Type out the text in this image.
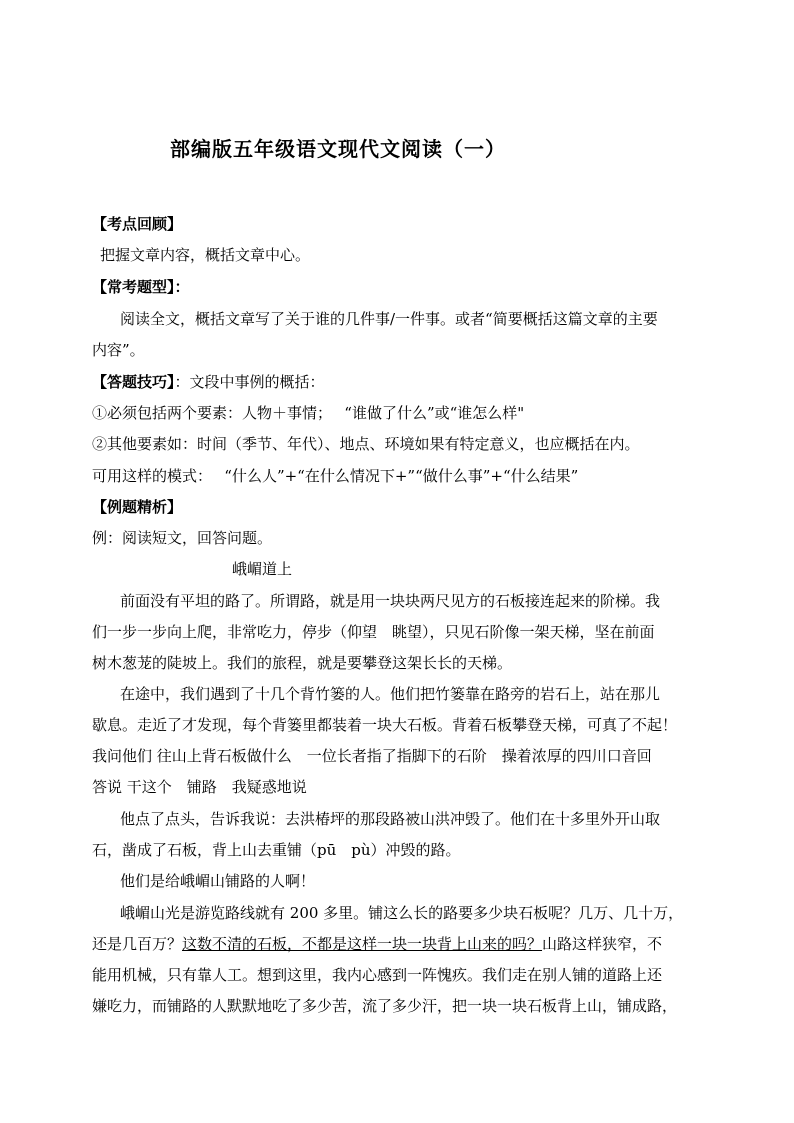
部编版五年级语文现代文阅读（一）
【考点回顾】
把握文章内容，概括文章中心。
【常考题型】：
阅读全文，概括文章写了关于谁的几件事/一件事。或者“简要概括这篇文章的主要
内容”。
【答题技巧】：文段中事例的概括：
①必须包括两个要素：人物＋事情；　 “谁做了什么”或“谁怎么样"
②其他要素如：时间（季节、年代）、地点、环境如果有特定意义，也应概括在内。
可用这样的模式：　 “什么人”+“在什么情况下+”“做什么事”+“什么结果”
【例题精析】
例：阅读短文，回答问题。
峨嵋道上
前面没有平坦的路了。所谓路，就是用一块块两尺见方的石板接连起来的阶梯。我
们一步一步向上爬，非常吃力，停步（仰望　眺望），只见石阶像一架天梯，坚在前面
树木葱茏的陡坡上。我们的旅程，就是要攀登这架长长的天梯。
在途中，我们遇到了十几个背竹篓的人。他们把竹篓靠在路旁的岩石上，站在那儿
歇息。走近了才发现，每个背篓里都装着一块大石板。背着石板攀登天梯，可真了不起！
我问他们 往山上背石板做什么　一位长者指了指脚下的石阶　操着浓厚的四川口音回
答说 干这个　铺路　我疑惑地说
他点了点头，告诉我说：去洪椿坪的那段路被山洪冲毁了。他们在十多里外开山取
石，凿成了石板，背上山去重铺（pū　pù）冲毁的路。
他们是给峨嵋山铺路的人啊！
峨嵋山光是游览路线就有 200 多里。铺这么长的路要多少块石板呢？几万、几十万，
还是几百万？这数不清的石板，不都是这样一块一块背上山来的吗？山路这样狭窄，不
能用机械，只有靠人工。想到这里，我内心感到一阵愧疚。我们走在别人铺的道路上还
嫌吃力，而铺路的人默默地吃了多少苦，流了多少汗，把一块一块石板背上山，铺成路，
